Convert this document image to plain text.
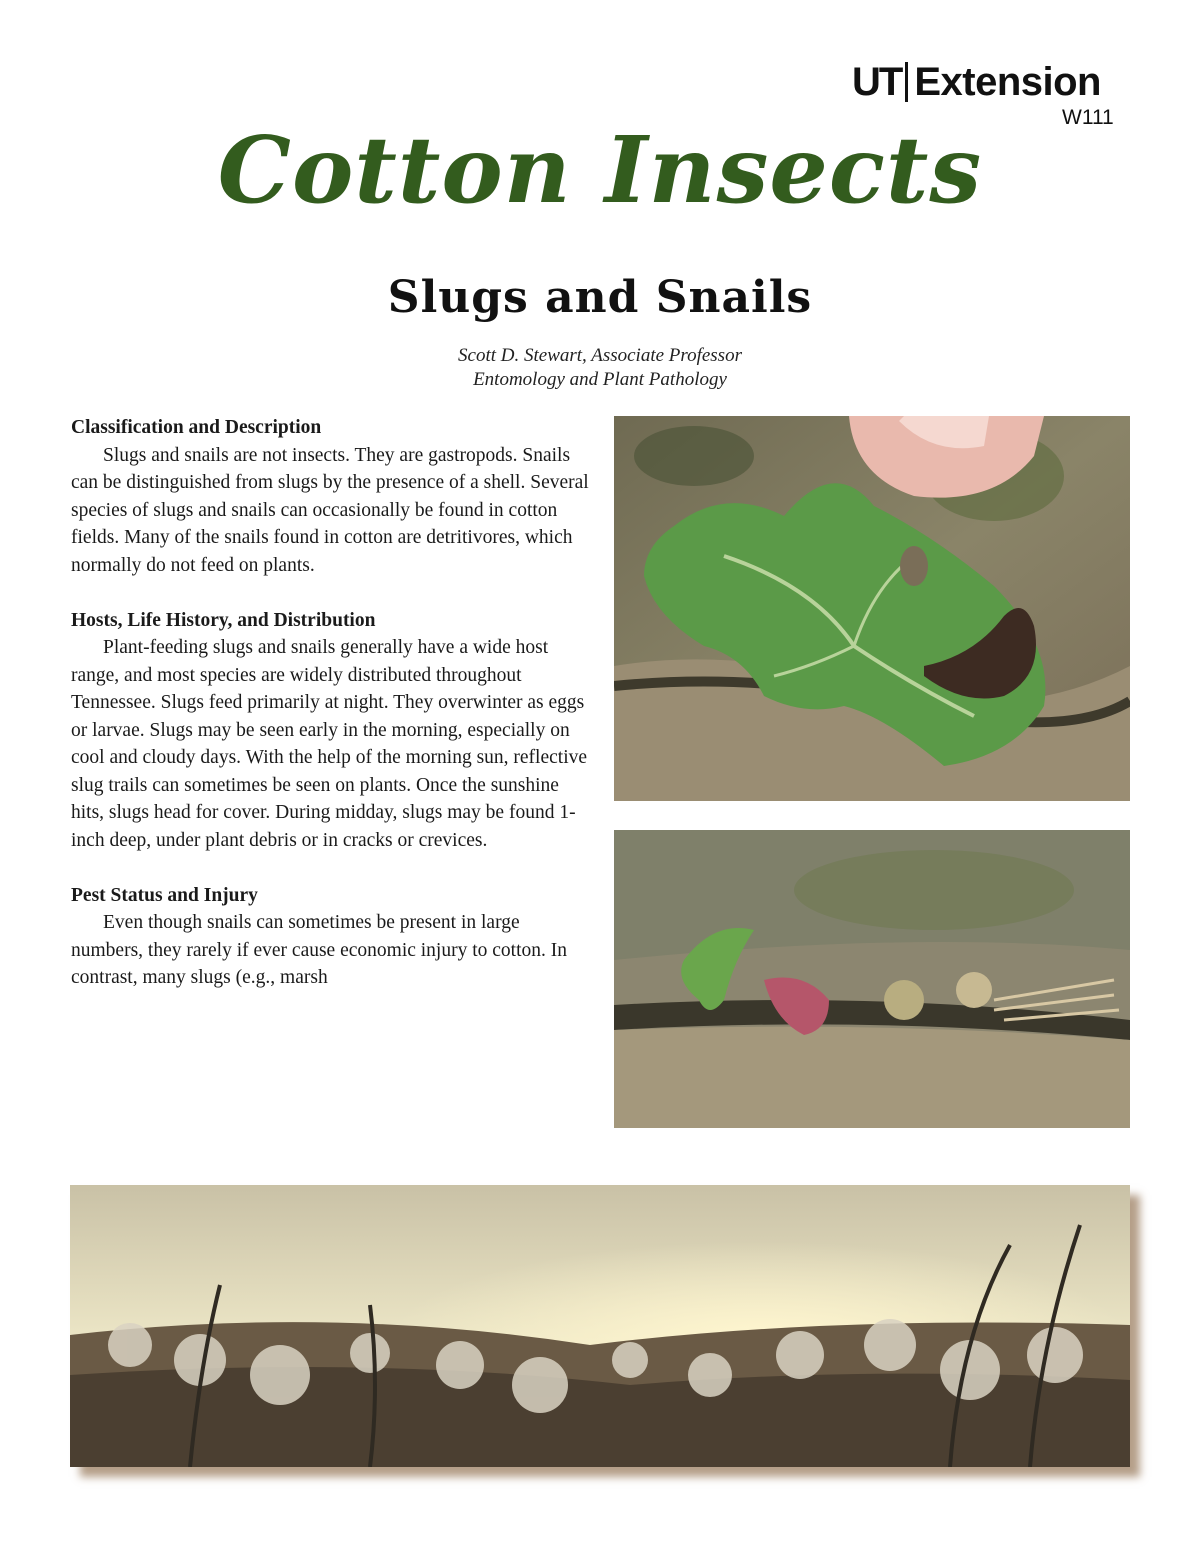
UT Extension
W111
Cotton Insects
Slugs and Snails
Scott D. Stewart, Associate Professor
Entomology and Plant Pathology
Classification and Description

Slugs and snails are not insects. They are gastropods. Snails can be distinguished from slugs by the presence of a shell. Several species of slugs and snails can occasionally be found in cotton fields. Many of the snails found in cotton are detritivores, which normally do not feed on plants.

Hosts, Life History, and Distribution

Plant-feeding slugs and snails generally have a wide host range, and most species are widely distributed throughout Tennessee. Slugs feed primarily at night. They overwinter as eggs or larvae. Slugs may be seen early in the morning, especially on cool and cloudy days. With the help of the morning sun, reflective slug trails can sometimes be seen on plants. Once the sunshine hits, slugs head for cover. During midday, slugs may be found 1-inch deep, under plant debris or in cracks or crevices.

Pest Status and Injury

Even though snails can sometimes be present in large numbers, they rarely if ever cause economic injury to cotton. In contrast, many slugs (e.g., marsh
